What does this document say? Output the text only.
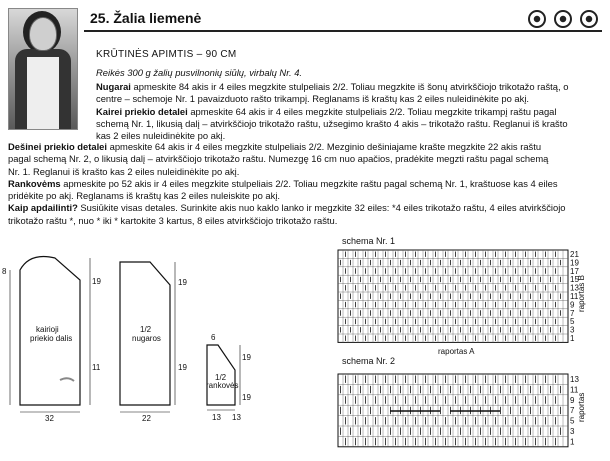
25. Žalia liemenė
KRŪTINĖS APIMTIS – 90 CM
Reikės 300 g žalių pusvilnonių siūlų, virbalų Nr. 4.
Nugarai apmeskite 84 akis ir 4 eiles megzkite stulpeliais 2/2. Toliau megzkite iš šonų atvirkščiojo trikotažo raštą, o
centre – schemoje Nr. 1 pavaizduoto rašto trikampį. Reglanams iš kraštų kas 2 eiles nuleidinėkite po akį.
Kairei priekio detalei apmeskite 64 akis ir 4 eiles megzkite stulpeliais 2/2. Toliau megzkite trikampį raštu pagal
schemą Nr. 1, likusią dalį – atvirkščiojo trikotažo raštu, užsegimo krašto 4 akis – trikotažo raštu. Reglanui iš krašto
kas 2 eiles nuleidinėkite po akį.
Dešinei priekio detalei apmeskite 64 akis ir 4 eiles megzkite stulpeliais 2/2. Mezginio dešiniajame krašte megzkite 22 akis raštu
pagal schemą Nr. 2, o likusią dalį – atvirkščiojo trikotažo raštu. Numezgę 16 cm nuo apačios, pradėkite megzti raštu pagal schemą
Nr. 1. Reglanui iš krašto kas 2 eiles nuleidinėkite po akį.
Rankovėms apmeskite po 52 akis ir 4 eiles megzkite stulpeliais 2/2. Toliau megzkite raštu pagal schemą Nr. 1, kraštuose kas 4 eiles
pridėkite po akį. Reglanams iš kraštų kas 2 eiles nuleiskite po akį.
Kaip apdailinti? Susiūkite visas detales. Surinkite akis nuo kaklo lanko ir megzkite 32 eiles: *4 eiles trikotažo raštu, 4 eiles atvirkščiojo
trikotažo raštu *, nuo * iki * kartokite 3 kartus, 8 eiles atvirkščiojo trikotažo raštu.
kairioji
priekio dalis
32
8
19
11
1/2
nugaros
22
19
19
6
1/2
rankovės
13 13
19
19
schema Nr. 1
21
19
17
15
13
11
9
7
5
3
1
raportas B
raportas A
schema Nr. 2
13
11
9
7
5
3
1
raportas
